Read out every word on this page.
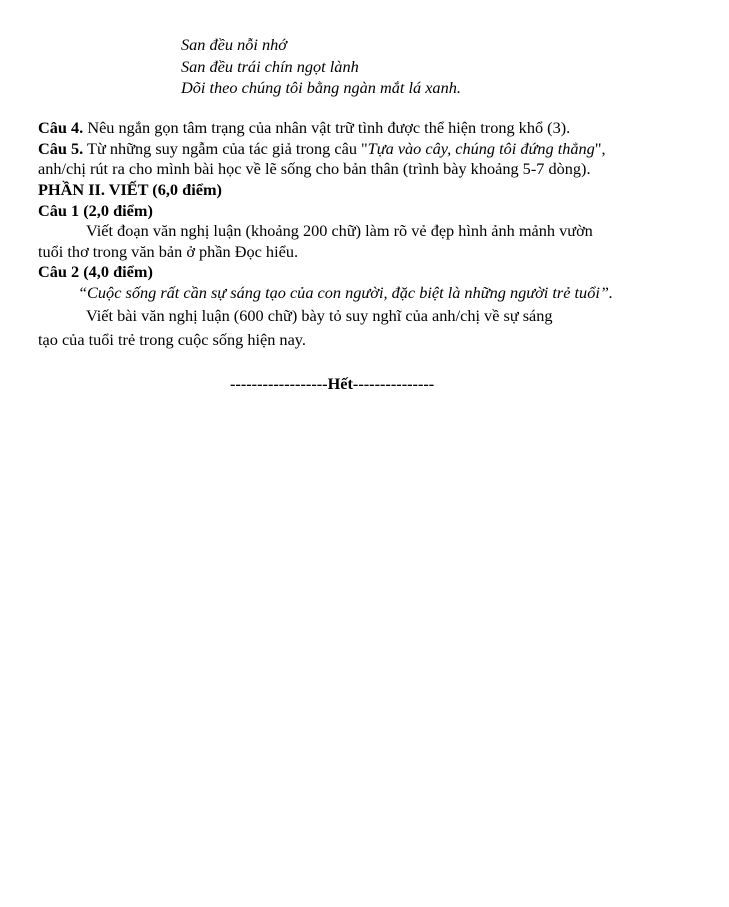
San đều nỗi nhớ
San đều trái chín ngọt lành
Dõi theo chúng tôi bằng ngàn mắt lá xanh.
Câu 4. Nêu ngắn gọn tâm trạng của nhân vật trữ tình được thể hiện trong khổ (3).
Câu 5. Từ những suy ngẫm của tác giả trong câu "Tựa vào cây, chúng tôi đứng thẳng",
anh/chị rút ra cho mình bài học về lẽ sống cho bản thân (trình bày khoảng 5-7 dòng).
PHẦN II. VIẾT (6,0 điểm)
Câu 1 (2,0 điểm)
Viết đoạn văn nghị luận (khoảng 200 chữ) làm rõ vẻ đẹp hình ảnh mảnh vườn
tuổi thơ trong văn bản ở phần Đọc hiểu.
Câu 2 (4,0 điểm)
“Cuộc sống rất cần sự sáng tạo của con người, đặc biệt là những người trẻ tuổi”.
Viết bài văn nghị luận (600 chữ) bày tỏ suy nghĩ của anh/chị về sự sáng
tạo của tuổi trẻ trong cuộc sống hiện nay.
------------------Hết---------------
